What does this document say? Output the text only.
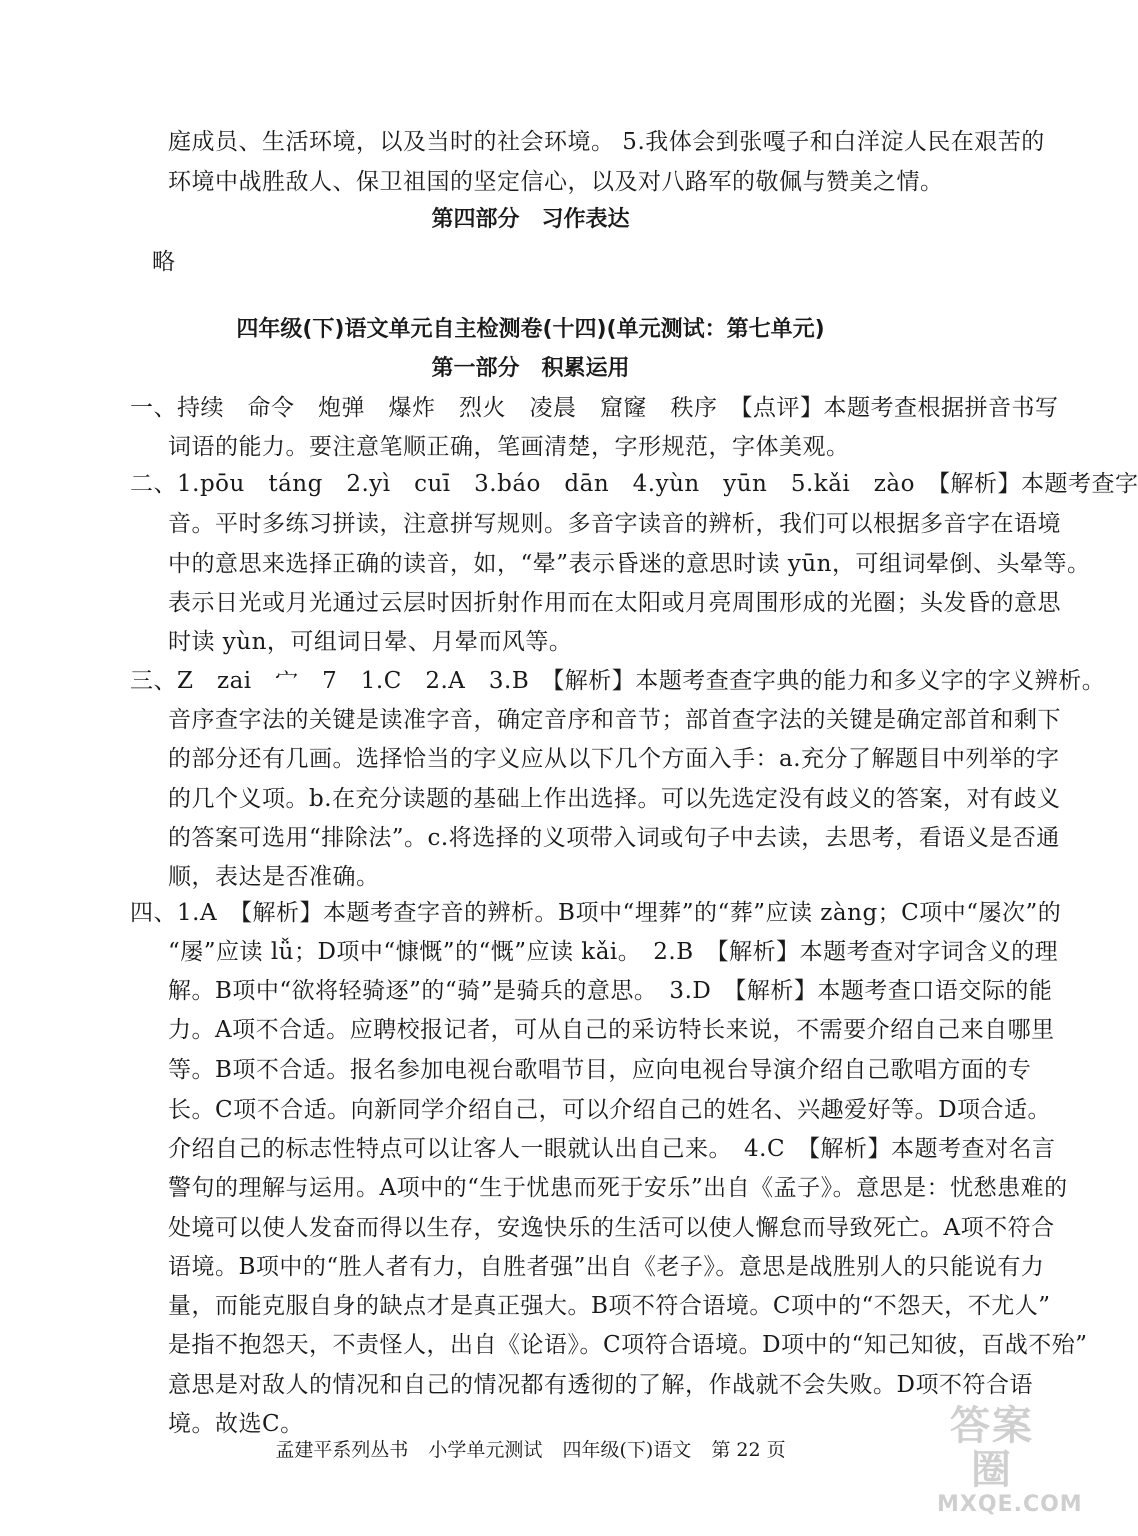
庭成员、生活环境，以及当时的社会环境。 5.我体会到张嘎子和白洋淀人民在艰苦的
环境中战胜敌人、保卫祖国的坚定信心，以及对八路军的敬佩与赞美之情。
第四部分 习作表达
略
四年级(下)语文单元自主检测卷(十四)(单元测试：第七单元)
第一部分 积累运用
一、持续　命令　炮弹　爆炸　烈火　凌晨　窟窿　秩序　【点评】本题考查根据拼音书写
词语的能力。要注意笔顺正确，笔画清楚，字形规范，字体美观。
二、1.pōu　táng　2.yì　cuī　3.báo　dān　4.yùn　yūn　5.kǎi　zào　【解析】本题考查字
音。平时多练习拼读，注意拼写规则。多音字读音的辨析，我们可以根据多音字在语境
中的意思来选择正确的读音，如，“晕”表示昏迷的意思时读 yūn，可组词晕倒、头晕等。
表示日光或月光通过云层时因折射作用而在太阳或月亮周围形成的光圈；头发昏的意思
时读 yùn，可组词日晕、月晕而风等。
三、Z　zai　宀　7　1.C　2.A　3.B　【解析】本题考查查字典的能力和多义字的字义辨析。
音序查字法的关键是读准字音，确定音序和音节；部首查字法的关键是确定部首和剩下
的部分还有几画。选择恰当的字义应从以下几个方面入手：a.充分了解题目中列举的字
的几个义项。b.在充分读题的基础上作出选择。可以先选定没有歧义的答案，对有歧义
的答案可选用“排除法”。c.将选择的义项带入词或句子中去读，去思考，看语义是否通
顺，表达是否准确。
四、1.A　【解析】本题考查字音的辨析。B项中“埋葬”的“葬”应读 zàng；C项中“屡次”的
“屡”应读 lǚ；D项中“慷慨”的“慨”应读 kǎi。　2.B　【解析】本题考查对字词含义的理
解。B项中“欲将轻骑逐”的“骑”是骑兵的意思。　3.D　【解析】本题考查口语交际的能
力。A项不合适。应聘校报记者，可从自己的采访特长来说，不需要介绍自己来自哪里
等。B项不合适。报名参加电视台歌唱节目，应向电视台导演介绍自己歌唱方面的专
长。C项不合适。向新同学介绍自己，可以介绍自己的姓名、兴趣爱好等。D项合适。
介绍自己的标志性特点可以让客人一眼就认出自己来。　4.C　【解析】本题考查对名言
警句的理解与运用。A项中的“生于忧患而死于安乐”出自《孟子》。意思是：忧愁患难的
处境可以使人发奋而得以生存，安逸快乐的生活可以使人懈怠而导致死亡。A项不符合
语境。B项中的“胜人者有力，自胜者强”出自《老子》。意思是战胜别人的只能说有力
量，而能克服自身的缺点才是真正强大。B项不符合语境。C项中的“不怨天，不尤人”
是指不抱怨天，不责怪人，出自《论语》。C项符合语境。D项中的“知己知彼，百战不殆”
意思是对敌人的情况和自己的情况都有透彻的了解，作战就不会失败。D项不符合语
境。故选C。
孟建平系列丛书 小学单元测试 四年级(下)语文 第 22 页
答案圈
MXQE.COM
